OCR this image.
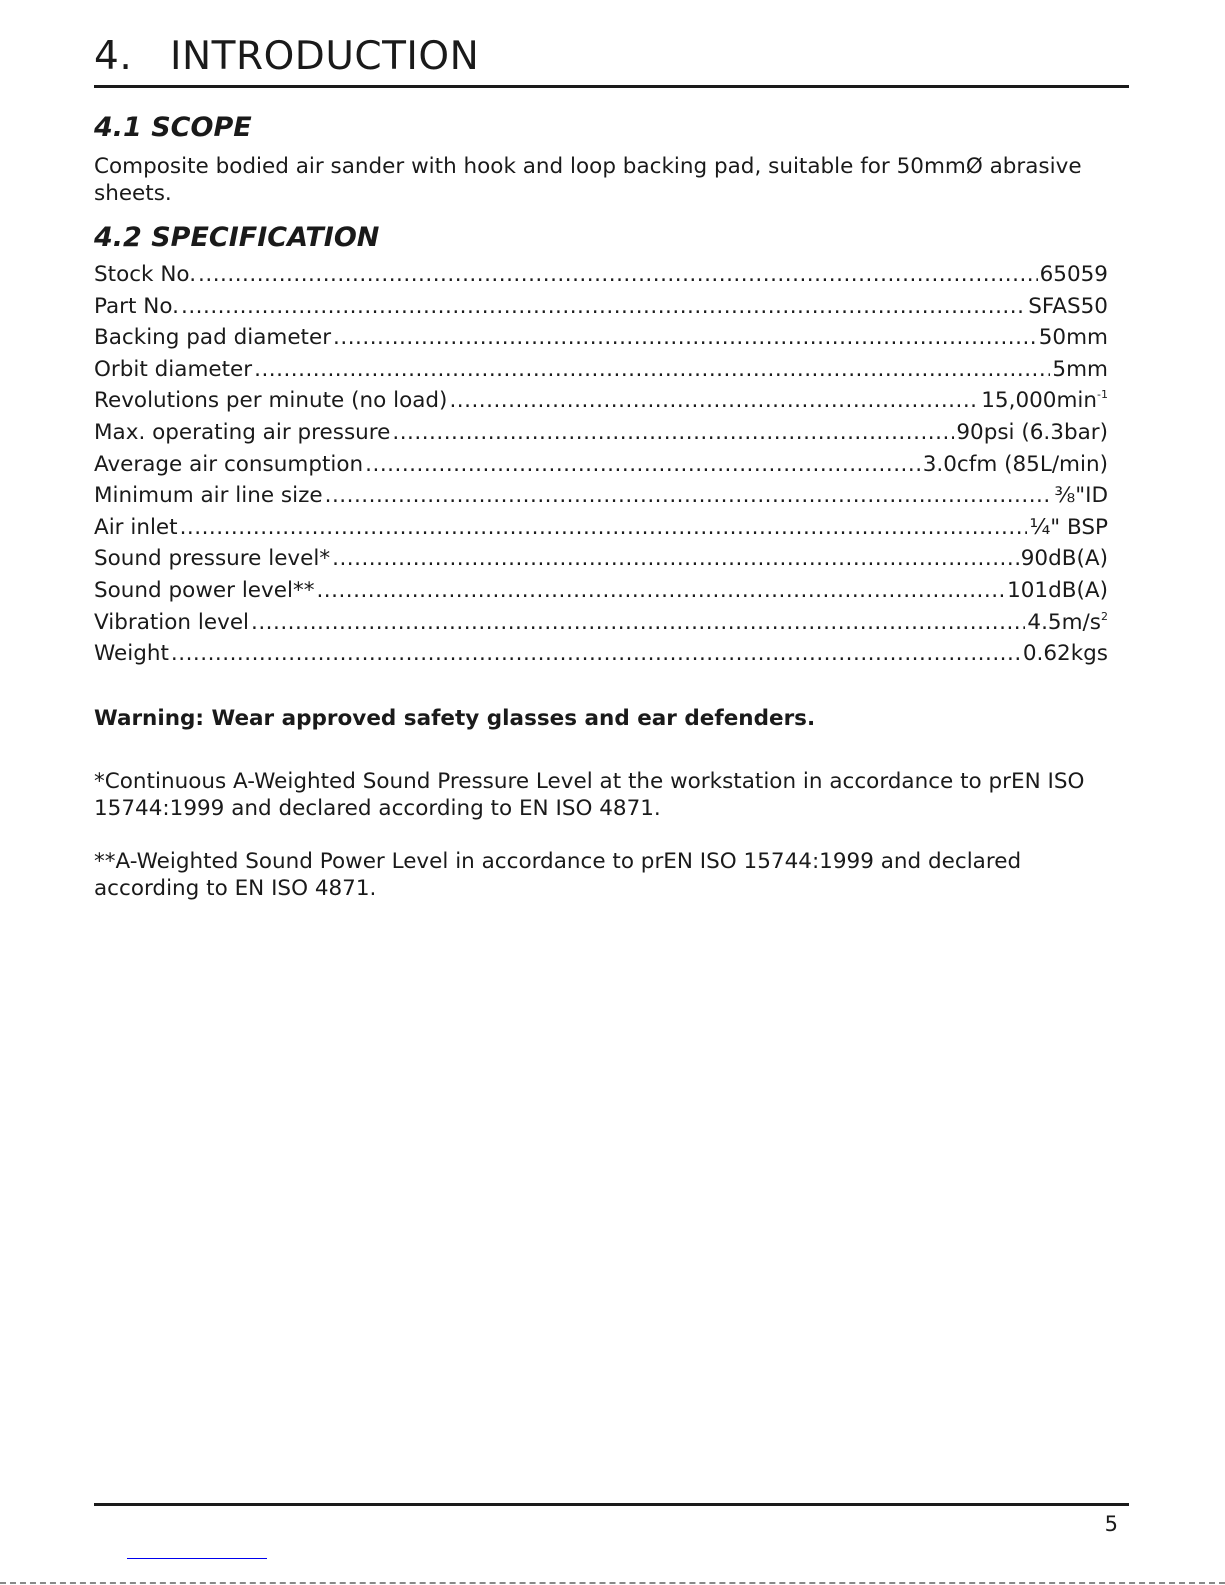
4. INTRODUCTION
4.1 SCOPE
Composite bodied air sander with hook and loop backing pad, suitable for 50mmØ abrasive sheets.
4.2 SPECIFICATION
Stock No. .....	65059
Part No. .....	SFAS50
Backing pad diameter .....	50mm
Orbit diameter .....	5mm
Revolutions per minute (no load) .....	$15,000\min^{-1}$
Max. operating air pressure .....	90psi (6.3bar)
Average air consumption .....	3.0cfm (85L/min)
Minimum air line size .....	⅜"ID
Air inlet .....	¼" BSP
Sound pressure level* .....	90dB(A)
Sound power level** .....	101dB(A)
Vibration level .....	$4.5m/s^2$
Weight .....	0.62kgs
Warning: Wear approved safety glasses and ear defenders.
*Continuous A-Weighted Sound Pressure Level at the workstation in accordance to prEN ISO 15744:1999 and declared according to EN ISO 4871.
**A-Weighted Sound Power Level in accordance to prEN ISO 15744:1999 and declared according to EN ISO 4871.
5
